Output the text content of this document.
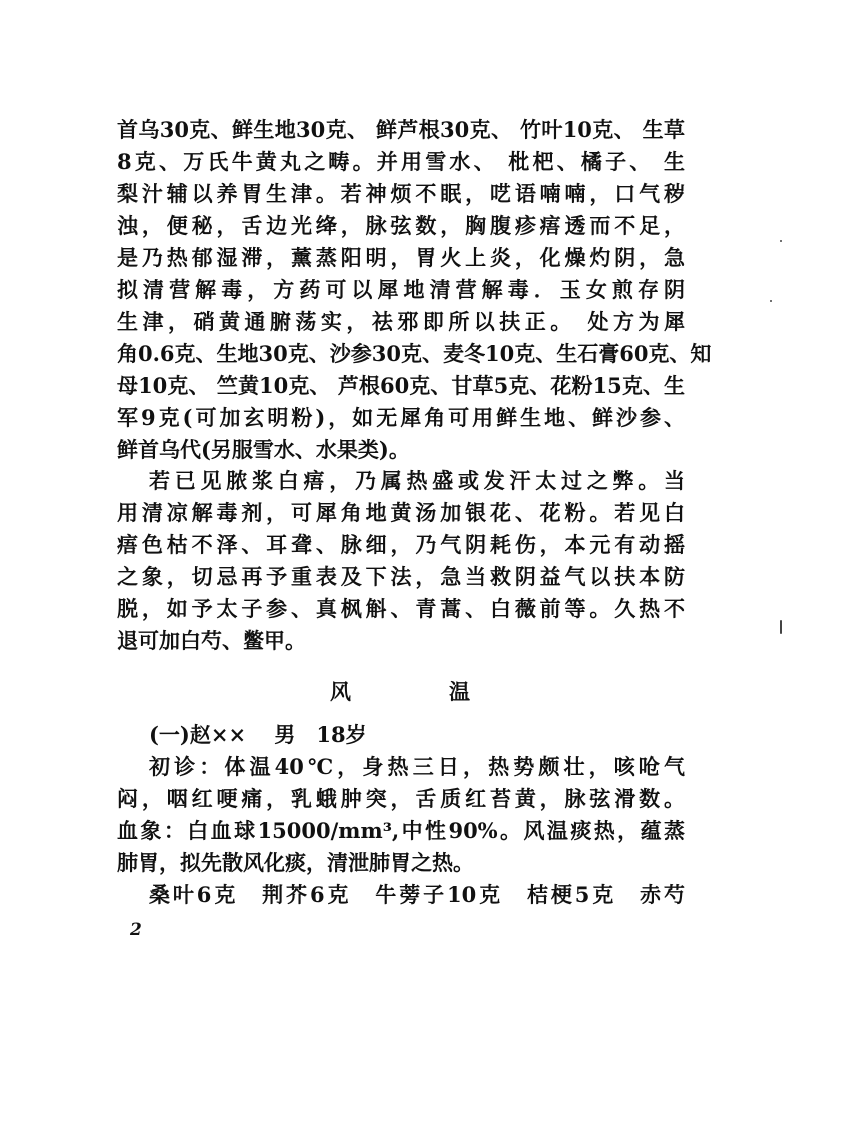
首乌30克、鲜生地30克、 鲜芦根30克、 竹叶10克、 生草
8克、万氏牛黄丸之畴。并用雪水、 枇杷、橘子、 生
梨汁辅以养胃生津。若神烦不眠，呓语喃喃，口气秽
浊，便秘，舌边光绛，脉弦数，胸腹疹痦透而不足，
是乃热郁湿滞，薰蒸阳明，胃火上炎，化燥灼阴，急
拟清营解毒，方药可以犀地清营解毒．玉女煎存阴
生津，硝黄通腑荡实，祛邪即所以扶正。 处方为犀
角0.6克、生地30克、沙参30克、麦冬10克、生石膏60克、知
母10克、 竺黄10克、 芦根60克、甘草5克、花粉15克、生
军9克(可加玄明粉)，如无犀角可用鲜生地、鲜沙参、
鲜首乌代(另服雪水、水果类)。
若已见脓浆白痦，乃属热盛或发汗太过之弊。当
用清凉解毒剂，可犀角地黄汤加银花、花粉。若见白
痦色枯不泽、耳聋、脉细，乃气阴耗伤，本元有动摇
之象，切忌再予重表及下法，急当救阴益气以扶本防
脱，如予太子参、真枫斛、青蒿、白薇前等。久热不
退可加白芍、鳖甲。
风	温
(一)赵××　 男　18岁
初诊：体温40℃，身热三日，热势颇壮，咳呛气
闷，咽红哽痛，乳蛾肿突，舌质红苔黄，脉弦滑数。
血象：白血球15000/mm³,中性90%。风温痰热，蕴蒸
肺胃，拟先散风化痰，清泄肺胃之热。
桑叶6克　荆芥6克　牛蒡子10克　桔梗5克　赤芍
2
